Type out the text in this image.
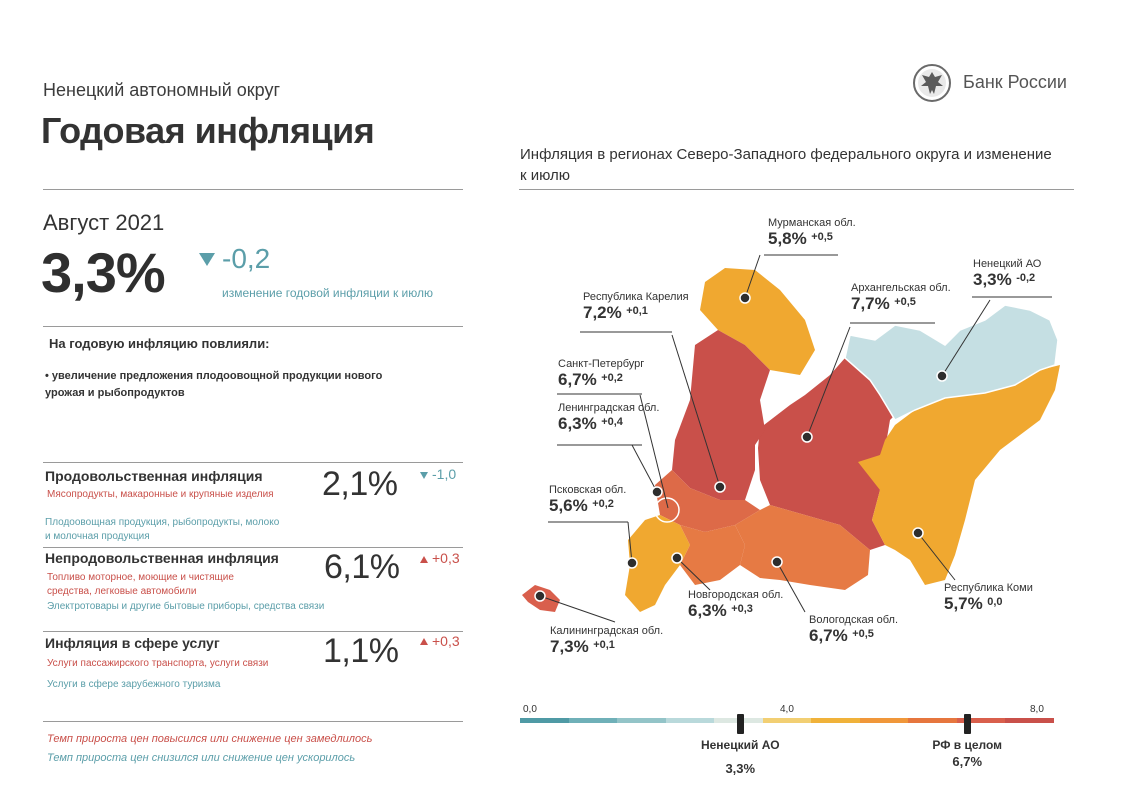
Ненецкий автономный округ
Годовая инфляция
Банк России
Август 2021
3,3% -0,2
изменение годовой инфляции к июлю
На годовую инфляцию повлияли:
• увеличение предложения плодоовощной продукции нового урожая и рыбопродуктов
Продовольственная инфляция
Мясопродукты, макаронные и крупяные изделия
Плодоовощная продукция, рыбопродукты, молоко и молочная продукция
2,1% -1,0
Непродовольственная инфляция
Топливо моторное, моющие и чистящие средства, легковые автомобили
Электротовары и другие бытовые приборы, средства связи
6,1% +0,3
Инфляция в сфере услуг
Услуги пассажирского транспорта, услуги связи
Услуги в сфере зарубежного туризма
1,1% +0,3
Темп прироста цен повысился или снижение цен замедлилось
Темп прироста цен снизился или снижение цен ускорилось
Инфляция в регионах Северо-Западного федерального округа и изменение к июлю
Мурманская обл.
5,8% $^{+0,5}$
Ненецкий АО
3,3% $^{-0,2}$
Архангельская обл.
7,7% $^{+0,5}$
Республика Карелия
7,2% $^{+0,1}$
Санкт-Петербург
6,7% $^{+0,2}$
Ленинградская обл.
6,3% $^{+0,4}$
Псковская обл.
5,6% $^{+0,2}$
Калининградская обл.
7,3% $^{+0,1}$
Новгородская обл.
6,3% $^{+0,3}$
Вологодская обл.
6,7% $^{+0,5}$
Республика Коми
5,7% $^{0,0}$
0,0	4,0	8,0
Ненецкий АО
3,3%
РФ в целом
6,7%
